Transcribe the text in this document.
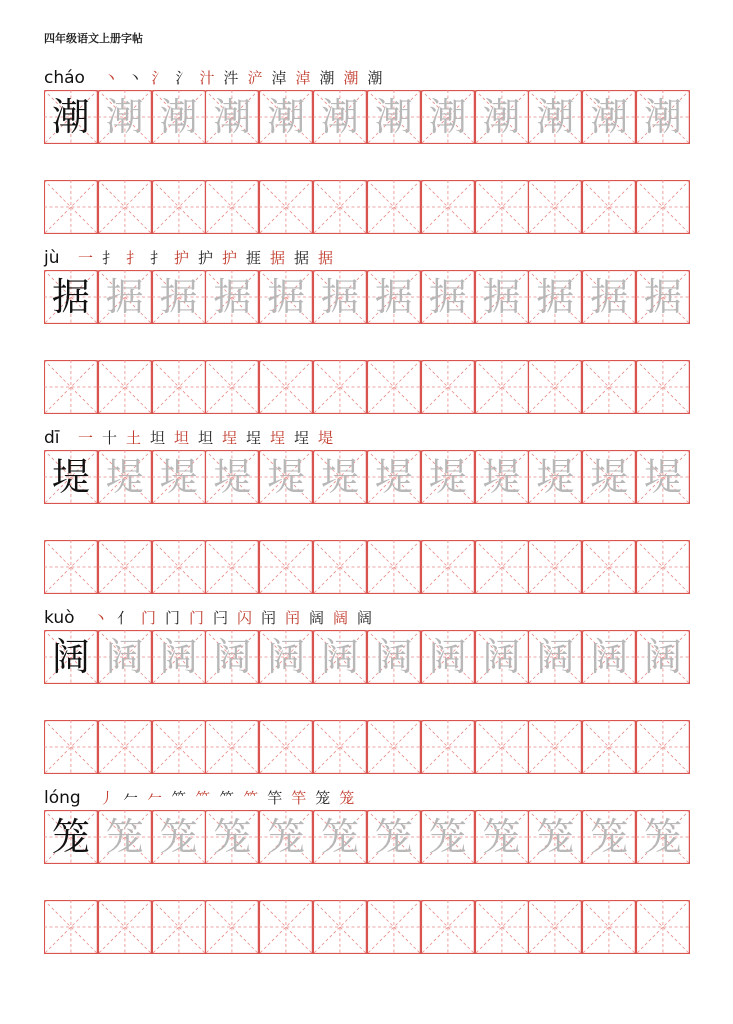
四年级语文上册字帖
cháo 丶 丶 氵 氵 汁 汼 浐 淖 淖 潮 潮 潮
潮 潮 潮 潮 潮 潮 潮 潮 潮 潮 潮 潮
jù 一 扌 扌 扌 护 护 护 捱 据 据 据
据 据 据 据 据 据 据 据 据 据 据 据
dī 一 十 土 坦 坦 坦 埕 埕 埕 埕 堤
堤 堤 堤 堤 堤 堤 堤 堤 堤 堤 堤 堤
kuò 丶 亻 门 门 门 闩 闪 闬 闬 阔 阔 阔
阔 阔 阔 阔 阔 阔 阔 阔 阔 阔 阔 阔
lóng 丿 𠂉 𠂉 ⺮ ⺮ ⺮ ⺮ 竿 竿 笼 笼
笼 笼 笼 笼 笼 笼 笼 笼 笼 笼 笼 笼
